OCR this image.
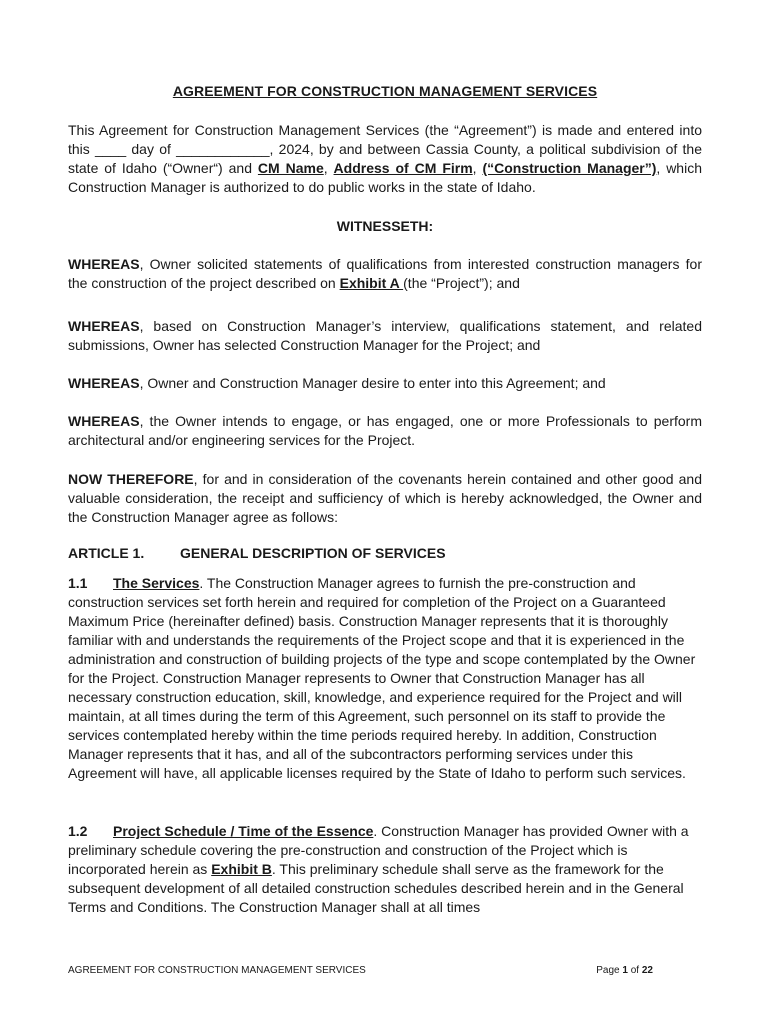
AGREEMENT FOR CONSTRUCTION MANAGEMENT SERVICES
This Agreement for Construction Management Services (the “Agreement”) is made and entered into this ____ day of ____________, 2024, by and between Cassia County, a political subdivision of the state of Idaho (“Owner“) and CM Name, Address of CM Firm, (“Construction Manager”), which Construction Manager is authorized to do public works in the state of Idaho.
WITNESSETH:
WHEREAS, Owner solicited statements of qualifications from interested construction managers for the construction of the project described on Exhibit A (the “Project”); and
WHEREAS, based on Construction Manager’s interview, qualifications statement, and related submissions, Owner has selected Construction Manager for the Project; and
WHEREAS, Owner and Construction Manager desire to enter into this Agreement; and
WHEREAS, the Owner intends to engage, or has engaged, one or more Professionals to perform architectural and/or engineering services for the Project.
NOW THEREFORE, for and in consideration of the covenants herein contained and other good and valuable consideration, the receipt and sufficiency of which is hereby acknowledged, the Owner and the Construction Manager agree as follows:
ARTICLE 1.	GENERAL DESCRIPTION OF SERVICES
1.1 The Services. The Construction Manager agrees to furnish the pre-construction and construction services set forth herein and required for completion of the Project on a Guaranteed Maximum Price (hereinafter defined) basis. Construction Manager represents that it is thoroughly familiar with and understands the requirements of the Project scope and that it is experienced in the administration and construction of building projects of the type and scope contemplated by the Owner for the Project. Construction Manager represents to Owner that Construction Manager has all necessary construction education, skill, knowledge, and experience required for the Project and will maintain, at all times during the term of this Agreement, such personnel on its staff to provide the services contemplated hereby within the time periods required hereby. In addition, Construction Manager represents that it has, and all of the subcontractors performing services under this Agreement will have, all applicable licenses required by the State of Idaho to perform such services.
1.2 Project Schedule / Time of the Essence. Construction Manager has provided Owner with a preliminary schedule covering the pre-construction and construction of the Project which is incorporated herein as Exhibit B. This preliminary schedule shall serve as the framework for the subsequent development of all detailed construction schedules described herein and in the General Terms and Conditions. The Construction Manager shall at all times
AGREEMENT FOR CONSTRUCTION MANAGEMENT SERVICES	Page 1 of 22
